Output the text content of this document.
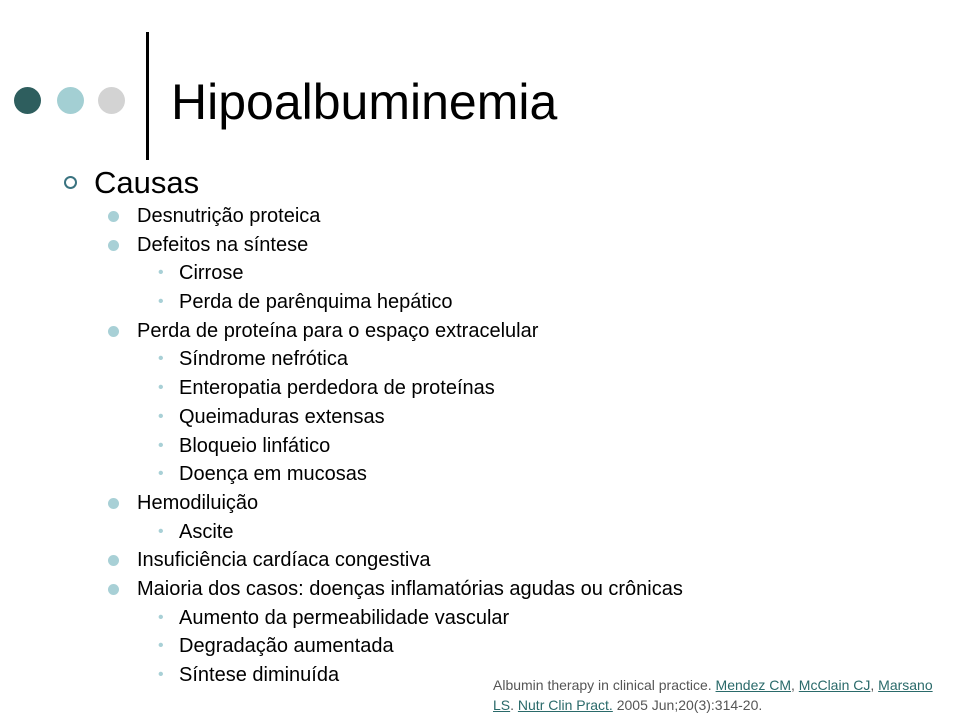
Hipoalbuminemia
Causas
Desnutrição proteica
Defeitos na síntese
• Cirrose
• Perda de parênquima hepático
Perda de proteína para o espaço extracelular
• Síndrome nefrótica
• Enteropatia perdedora de proteínas
• Queimaduras extensas
• Bloqueio linfático
• Doença em mucosas
Hemodiluição
• Ascite
Insuficiência cardíaca congestiva
Maioria dos casos: doenças inflamatórias agudas ou crônicas
• Aumento da permeabilidade vascular
• Degradação aumentada
• Síntese diminuída	Albumin therapy in clinical practice. Mendez CM, McClain CJ, Marsano LS. Nutr Clin Pract. 2005 Jun;20(3):314-20.
